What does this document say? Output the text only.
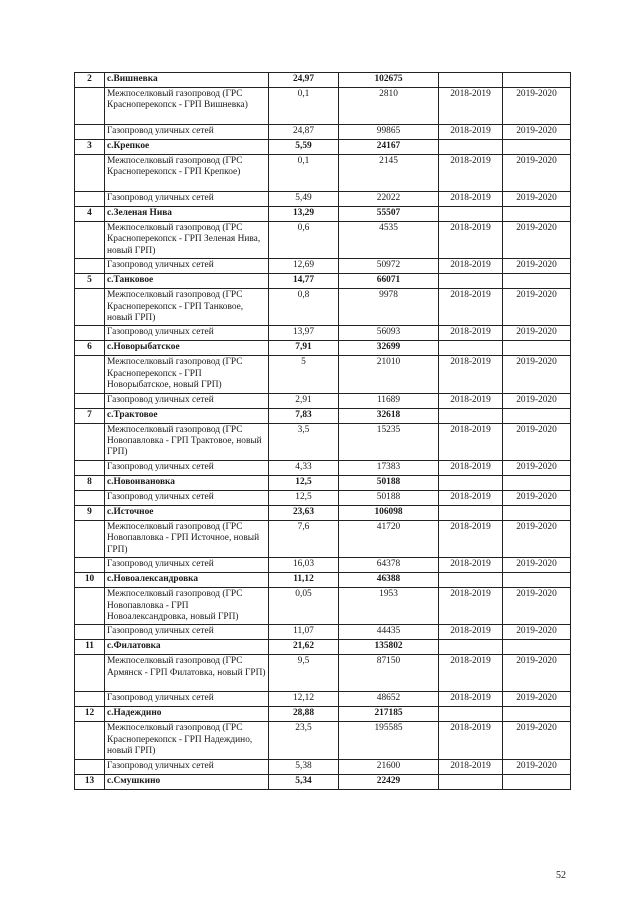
2	с.Вишневка	24,97	102675		
	Межпоселковый газопровод (ГРС Красноперекопск - ГРП Вишневка)	0,1	2810	2018-2019	2019-2020
	Газопровод уличных сетей	24,87	99865	2018-2019	2019-2020
3	с.Крепкое	5,59	24167		
	Межпоселковый газопровод (ГРС Красноперекопск - ГРП Крепкое)	0,1	2145	2018-2019	2019-2020
	Газопровод уличных сетей	5,49	22022	2018-2019	2019-2020
4	с.Зеленая Нива	13,29	55507		
	Межпоселковый газопровод (ГРС Красноперекопск - ГРП Зеленая Нива, новый ГРП)	0,6	4535	2018-2019	2019-2020
	Газопровод уличных сетей	12,69	50972	2018-2019	2019-2020
5	с.Танковое	14,77	66071		
	Межпоселковый газопровод (ГРС Красноперекопск - ГРП Танковое, новый ГРП)	0,8	9978	2018-2019	2019-2020
	Газопровод уличных сетей	13,97	56093	2018-2019	2019-2020
6	с.Новорыбатское	7,91	32699		
	Межпоселковый газопровод (ГРС Красноперекопск - ГРП Новорыбатское, новый ГРП)	5	21010	2018-2019	2019-2020
	Газопровод уличных сетей	2,91	11689	2018-2019	2019-2020
7	с.Трактовое	7,83	32618		
	Межпоселковый газопровод (ГРС Новопавловка - ГРП Трактовое, новый ГРП)	3,5	15235	2018-2019	2019-2020
	Газопровод уличных сетей	4,33	17383	2018-2019	2019-2020
8	с.Новоивановка	12,5	50188		
	Газопровод уличных сетей	12,5	50188	2018-2019	2019-2020
9	с.Источное	23,63	106098		
	Межпоселковый газопровод (ГРС Новопавловка - ГРП Источное, новый ГРП)	7,6	41720	2018-2019	2019-2020
	Газопровод уличных сетей	16,03	64378	2018-2019	2019-2020
10	с.Новоалександровка	11,12	46388		
	Межпоселковый газопровод (ГРС Новопавловка - ГРП Новоалександровка, новый ГРП)	0,05	1953	2018-2019	2019-2020
	Газопровод уличных сетей	11,07	44435	2018-2019	2019-2020
11	с.Филатовка	21,62	135802		
	Межпоселковый газопровод (ГРС Армянск - ГРП Филатовка, новый ГРП)	9,5	87150	2018-2019	2019-2020
	Газопровод уличных сетей	12,12	48652	2018-2019	2019-2020
12	с.Надеждино	28,88	217185		
	Межпоселковый газопровод (ГРС Красноперекопск - ГРП Надеждино, новый ГРП)	23,5	195585	2018-2019	2019-2020
	Газопровод уличных сетей	5,38	21600	2018-2019	2019-2020
13	с.Смушкино	5,34	22429		
52
